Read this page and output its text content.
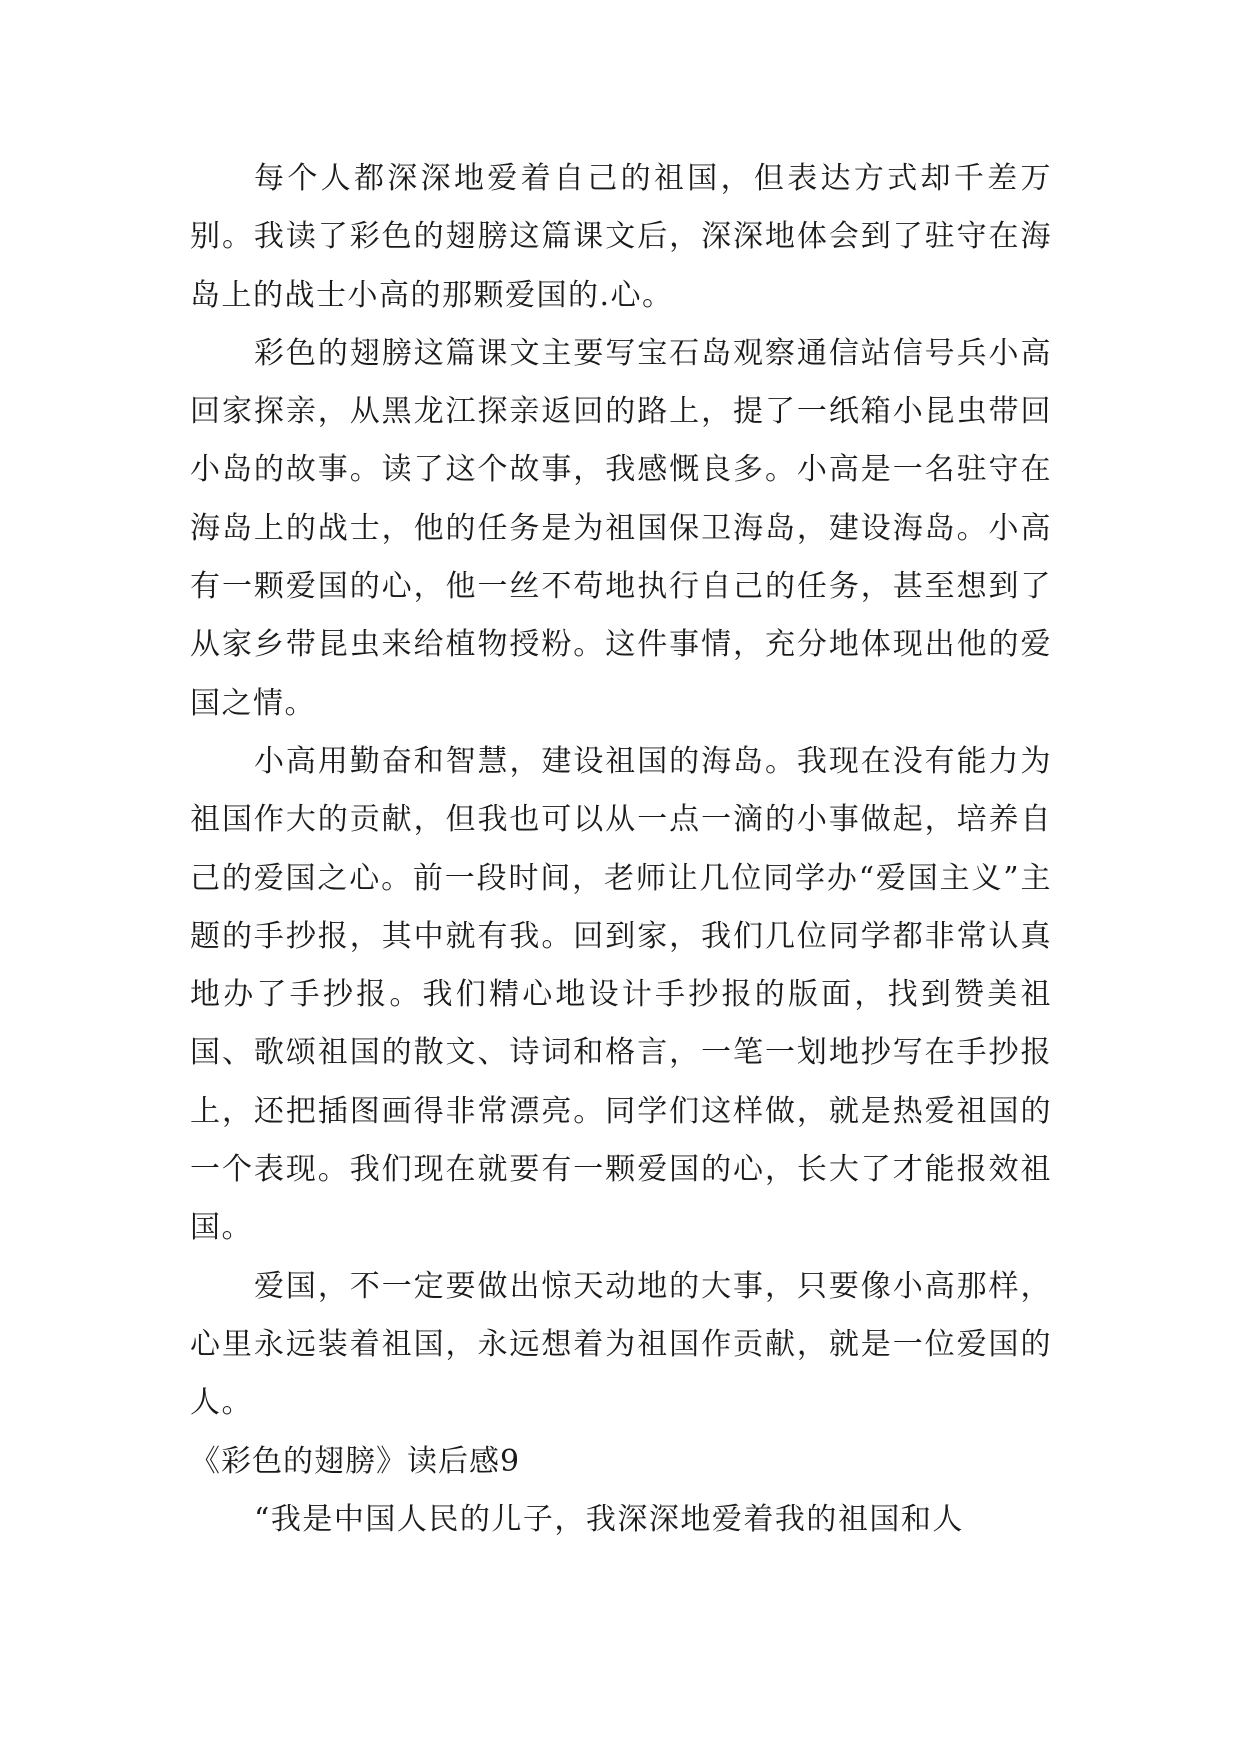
每个人都深深地爱着自己的祖国，但表达方式却千差万别。我读了彩色的翅膀这篇课文后，深深地体会到了驻守在海岛上的战士小高的那颗爱国的.心。

彩色的翅膀这篇课文主要写宝石岛观察通信站信号兵小高回家探亲，从黑龙江探亲返回的路上，提了一纸箱小昆虫带回小岛的故事。读了这个故事，我感慨良多。小高是一名驻守在海岛上的战士，他的任务是为祖国保卫海岛，建设海岛。小高有一颗爱国的心，他一丝不苟地执行自己的任务，甚至想到了从家乡带昆虫来给植物授粉。这件事情，充分地体现出他的爱国之情。

小高用勤奋和智慧，建设祖国的海岛。我现在没有能力为祖国作大的贡献，但我也可以从一点一滴的小事做起，培养自己的爱国之心。前一段时间，老师让几位同学办“爱国主义”主题的手抄报，其中就有我。回到家，我们几位同学都非常认真地办了手抄报。我们精心地设计手抄报的版面，找到赞美祖国、歌颂祖国的散文、诗词和格言，一笔一划地抄写在手抄报上，还把插图画得非常漂亮。同学们这样做，就是热爱祖国的一个表现。我们现在就要有一颗爱国的心，长大了才能报效祖国。

爱国，不一定要做出惊天动地的大事，只要像小高那样，心里永远装着祖国，永远想着为祖国作贡献，就是一位爱国的人。

《彩色的翅膀》读后感9

“我是中国人民的儿子，我深深地爱着我的祖国和人
